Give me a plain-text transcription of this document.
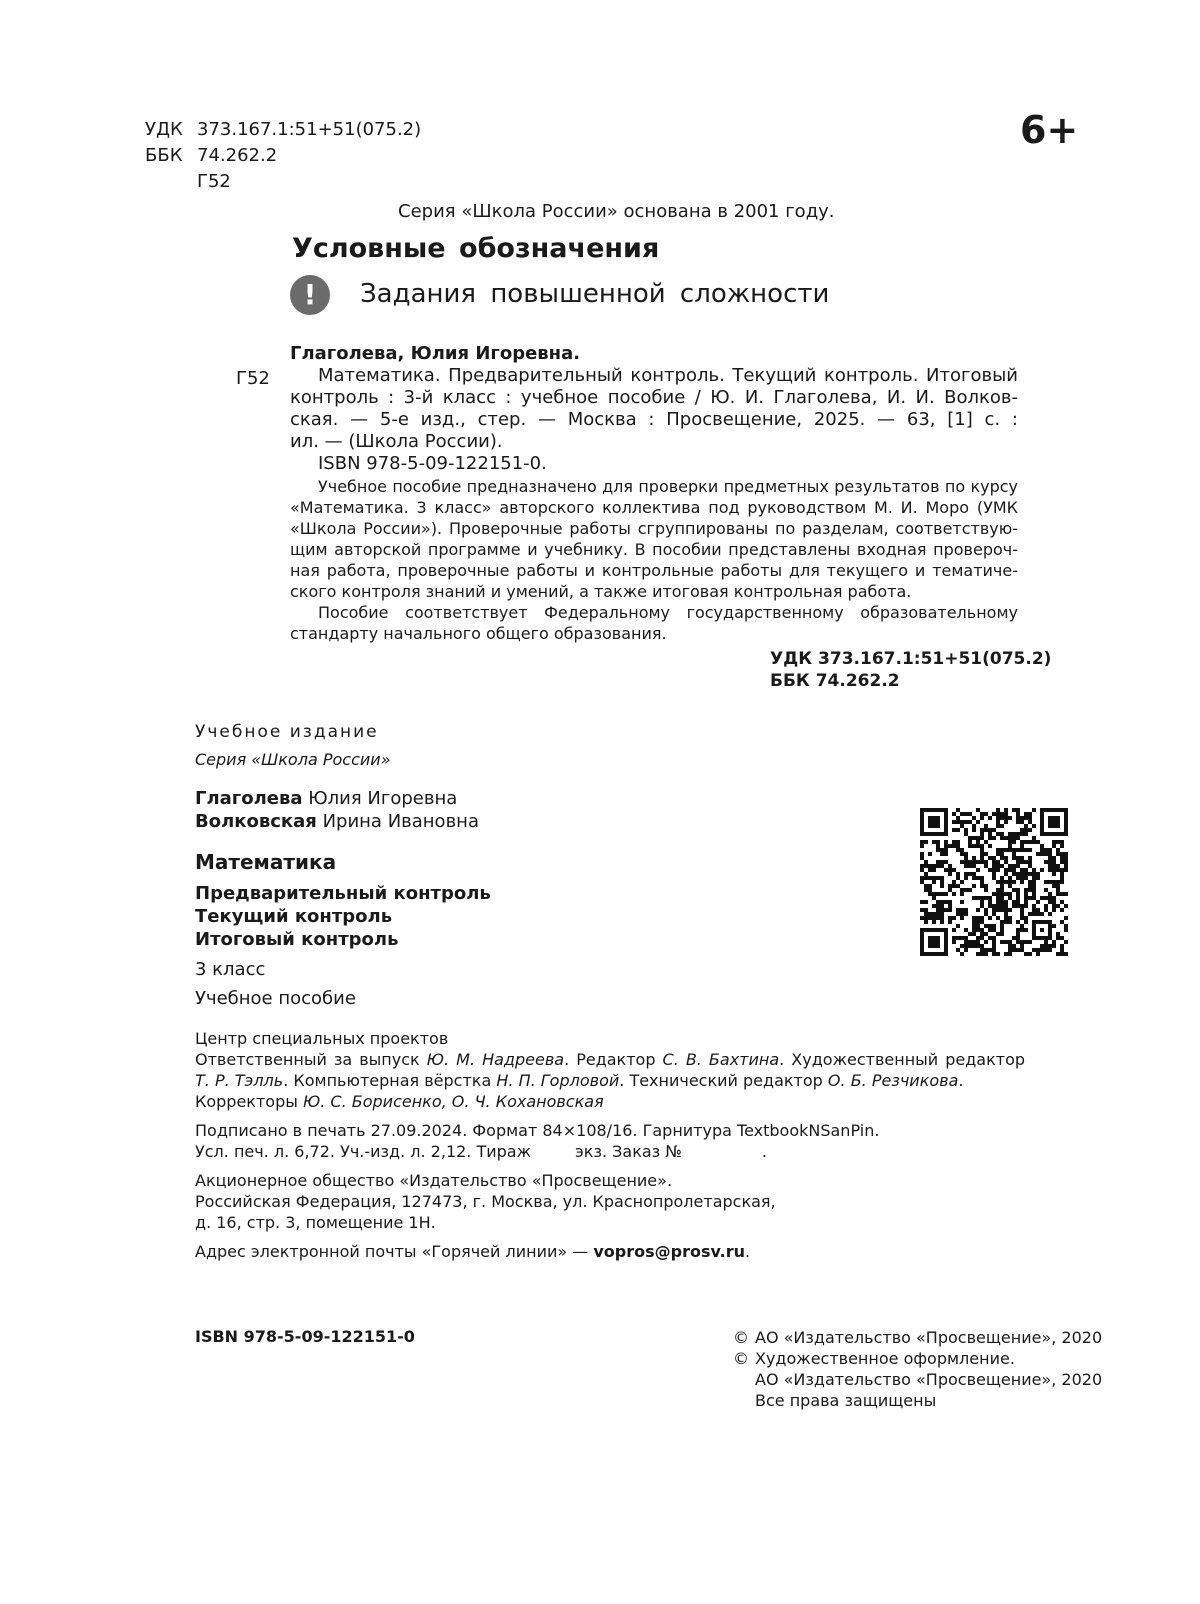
УДК 373.167.1:51+51(075.2)
ББК 74.262.2
Г52
6+
Серия «Школа России» основана в 2001 году.
Условные обозначения
!	Задания повышенной сложности
Г52
Глаголева, Юлия Игоревна.
Математика. Предварительный контроль. Текущий контроль. Итоговый
контроль : 3-й класс : учебное пособие / Ю. И. Глаголева, И. И. Волков-
ская. — 5-е изд., стер. — Москва : Просвещение, 2025. — 63, [1] с. :
ил. — (Школа России).
ISBN 978-5-09-122151-0.
Учебное пособие предназначено для проверки предметных результатов по курсу «Математика. 3 класс» авторского коллектива под руководством М. И. Моро (УМК «Школа России»). Проверочные работы сгруппированы по разделам, соответствующим авторской программе и учебнику. В пособии представлены входная проверочная работа, проверочные работы и контрольные работы для текущего и тематического контроля знаний и умений, а также итоговая контрольная работа.
Пособие соответствует Федеральному государственному образовательному стандарту начального общего образования.
УДК 373.167.1:51+51(075.2)
ББК 74.262.2
Учебное издание
Серия «Школа России»
Глаголева Юлия Игоревна
Волковская Ирина Ивановна
Математика
Предварительный контроль
Текущий контроль
Итоговый контроль
3 класс
Учебное пособие
Центр специальных проектов
Ответственный за выпуск Ю. М. Надреева. Редактор С. В. Бахтина. Художественный редактор
Т. Р. Тэлль. Компьютерная вёрстка Н. П. Горловой. Технический редактор О. Б. Резчикова.
Корректоры Ю. С. Борисенко, О. Ч. Кохановская
Подписано в печать 27.09.2024. Формат 84×108/16. Гарнитура TextbookNSanPin.
Усл. печ. л. 6,72. Уч.-изд. л. 2,12. Тираж	экз. Заказ №	.
Акционерное общество «Издательство «Просвещение».
Российская Федерация, 127473, г. Москва, ул. Краснопролетарская,
д. 16, стр. 3, помещение 1Н.
Адрес электронной почты «Горячей линии» — vopros@prosv.ru.
ISBN 978-5-09-122151-0	© АО «Издательство «Просвещение», 2020
© Художественное оформление.
АО «Издательство «Просвещение», 2020
Все права защищены
